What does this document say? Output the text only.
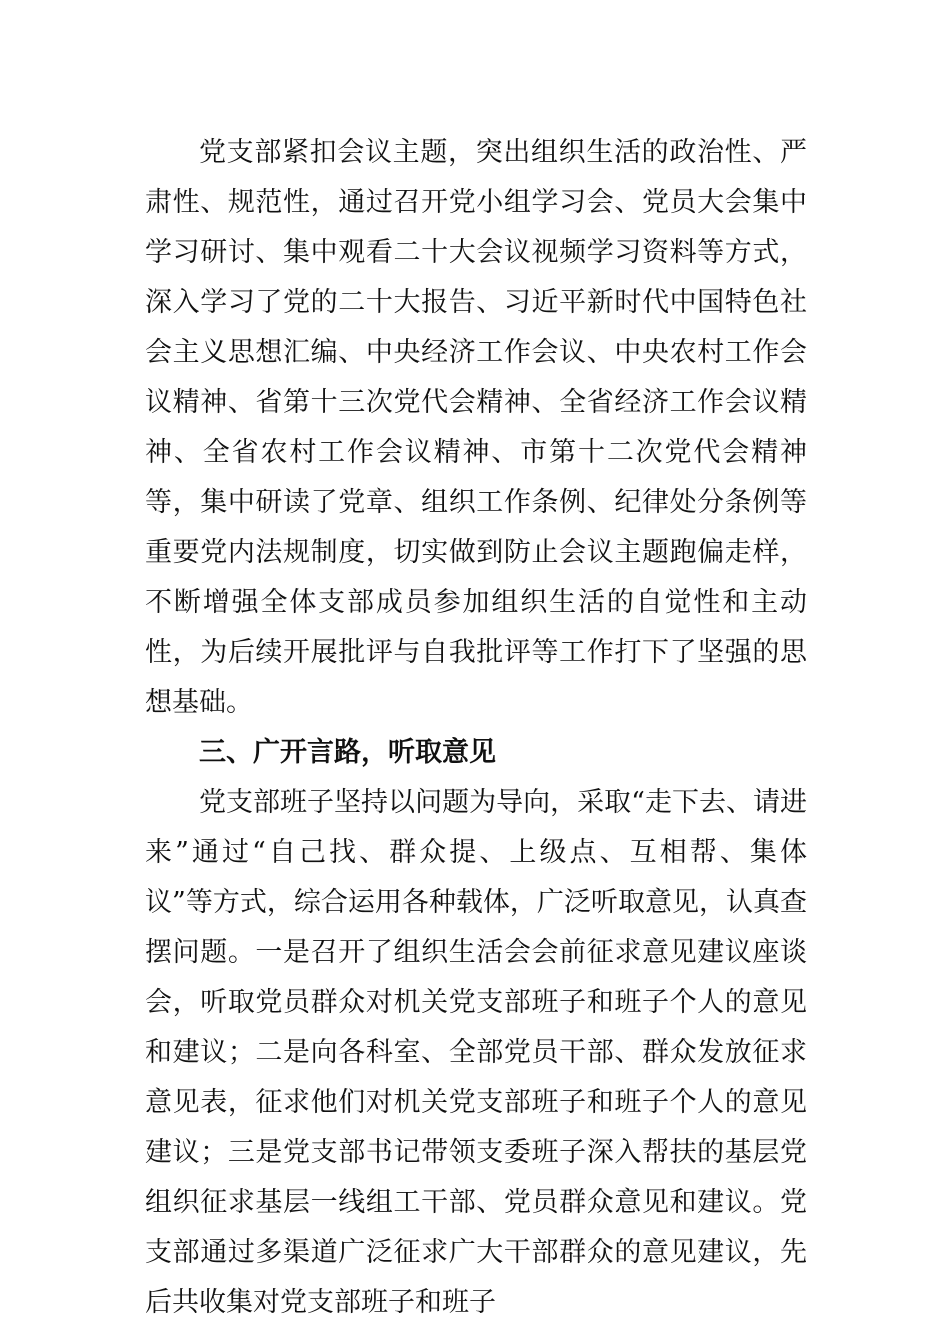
党支部紧扣会议主题，突出组织生活的政治性、严肃性、规范性，通过召开党小组学习会、党员大会集中学习研讨、集中观看二十大会议视频学习资料等方式，深入学习了党的二十大报告、习近平新时代中国特色社会主义思想汇编、中央经济工作会议、中央农村工作会议精神、省第十三次党代会精神、全省经济工作会议精神、全省农村工作会议精神、市第十二次党代会精神等，集中研读了党章、组织工作条例、纪律处分条例等重要党内法规制度，切实做到防止会议主题跑偏走样，不断增强全体支部成员参加组织生活的自觉性和主动性，为后续开展批评与自我批评等工作打下了坚强的思想基础。

三、广开言路，听取意见

党支部班子坚持以问题为导向，采取“走下去、请进来”通过“自己找、群众提、上级点、互相帮、集体议”等方式，综合运用各种载体，广泛听取意见，认真查摆问题。一是召开了组织生活会会前征求意见建议座谈会，听取党员群众对机关党支部班子和班子个人的意见和建议；二是向各科室、全部党员干部、群众发放征求意见表，征求他们对机关党支部班子和班子个人的意见建议；三是党支部书记带领支委班子深入帮扶的基层党组织征求基层一线组工干部、党员群众意见和建议。党支部通过多渠道广泛征求广大干部群众的意见建议，先后共收集对党支部班子和班子
